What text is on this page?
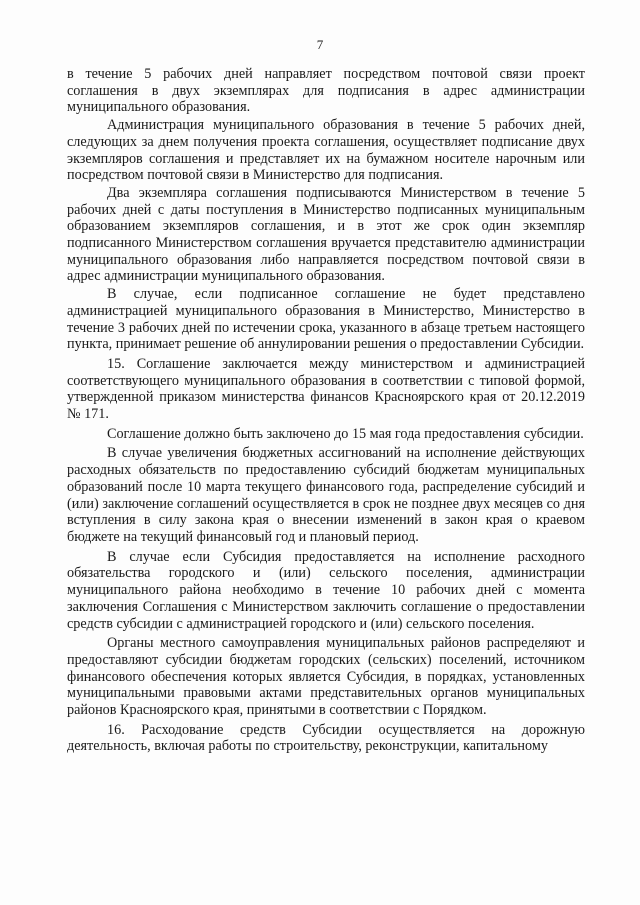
7

в течение 5 рабочих дней направляет посредством почтовой связи проект соглашения в двух экземплярах для подписания в адрес администрации муниципального образования.

Администрация муниципального образования в течение 5 рабочих дней, следующих за днем получения проекта соглашения, осуществляет подписание двух экземпляров соглашения и представляет их на бумажном носителе нарочным или посредством почтовой связи в Министерство для подписания.

Два экземпляра соглашения подписываются Министерством в течение 5 рабочих дней с даты поступления в Министерство подписанных муниципальным образованием экземпляров соглашения, и в этот же срок один экземпляр подписанного Министерством соглашения вручается представителю администрации муниципального образования либо направляется посредством почтовой связи в адрес администрации муниципального образования.

В случае, если подписанное соглашение не будет представлено администрацией муниципального образования в Министерство, Министерство в течение 3 рабочих дней по истечении срока, указанного в абзаце третьем настоящего пункта, принимает решение об аннулировании решения о предоставлении Субсидии.

15. Соглашение заключается между министерством и администрацией соответствующего муниципального образования в соответствии с типовой формой, утвержденной приказом министерства финансов Красноярского края от 20.12.2019 № 171.

Соглашение должно быть заключено до 15 мая года предоставления субсидии.

В случае увеличения бюджетных ассигнований на исполнение действующих расходных обязательств по предоставлению субсидий бюджетам муниципальных образований после 10 марта текущего финансового года, распределение субсидий и (или) заключение соглашений осуществляется в срок не позднее двух месяцев со дня вступления в силу закона края о внесении изменений в закон края о краевом бюджете на текущий финансовый год и плановый период.

В случае если Субсидия предоставляется на исполнение расходного обязательства городского и (или) сельского поселения, администрации муниципального района необходимо в течение 10 рабочих дней с момента заключения Соглашения с Министерством заключить соглашение о предоставлении средств субсидии с администрацией городского и (или) сельского поселения.

Органы местного самоуправления муниципальных районов распределяют и предоставляют субсидии бюджетам городских (сельских) поселений, источником финансового обеспечения которых является Субсидия, в порядках, установленных муниципальными правовыми актами представительных органов муниципальных районов Красноярского края, принятыми в соответствии с Порядком.

16. Расходование средств Субсидии осуществляется на дорожную деятельность, включая работы по строительству, реконструкции, капитальному
